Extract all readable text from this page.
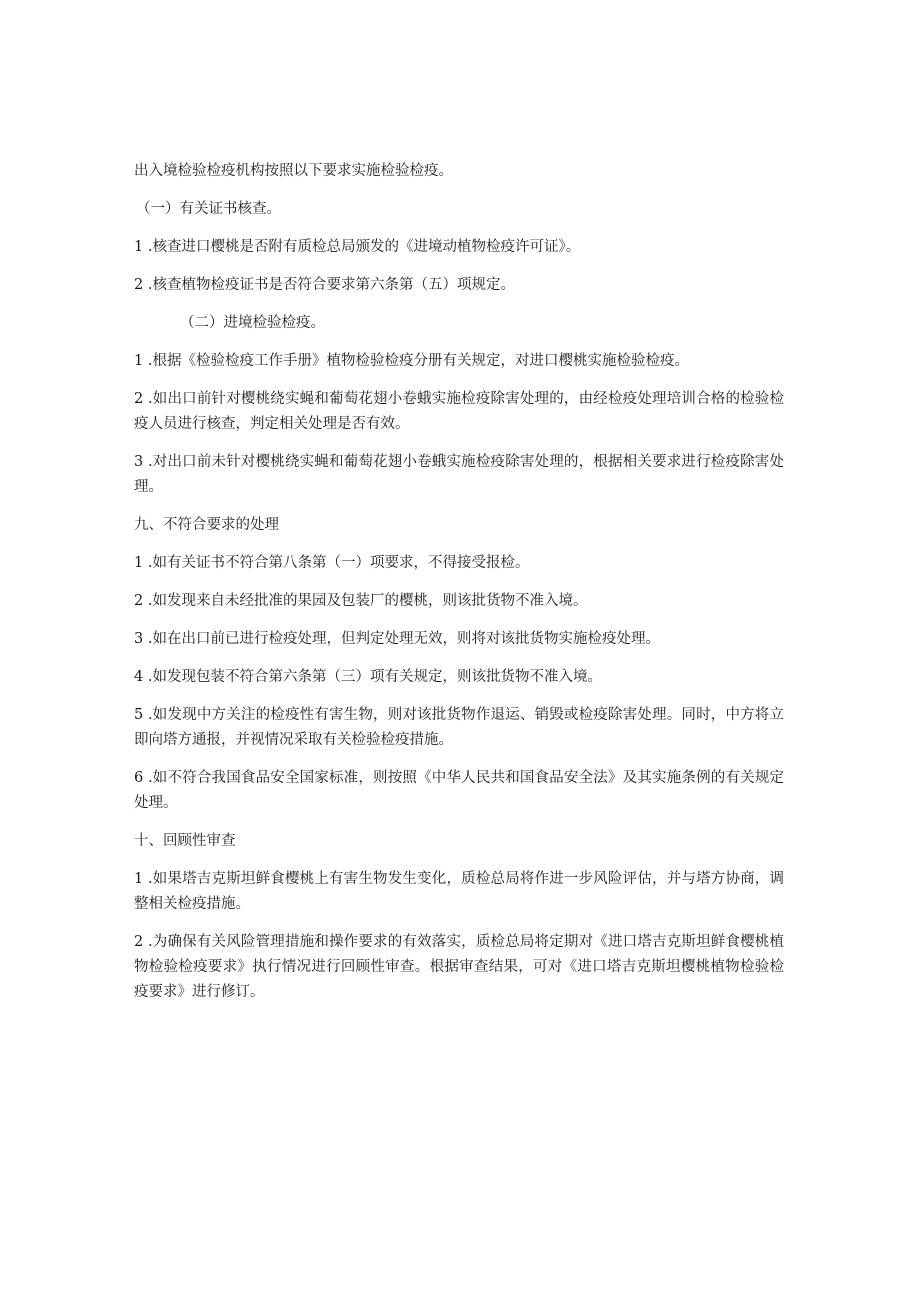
出入境检验检疫机构按照以下要求实施检验检疫。

（一）有关证书核查。

1 .核查进口樱桃是否附有质检总局颁发的《进境动植物检疫许可证》。

2 .核查植物检疫证书是否符合要求第六条第（五）项规定。

（二）进境检验检疫。

1 .根据《检验检疫工作手册》植物检验检疫分册有关规定，对进口樱桃实施检验检疫。

2 .如出口前针对樱桃绕实蝇和葡萄花翅小卷蛾实施检疫除害处理的，由经检疫处理培训合格的检验检疫人员进行核查，判定相关处理是否有效。

3 .对出口前未针对樱桃绕实蝇和葡萄花翅小卷蛾实施检疫除害处理的，根据相关要求进行检疫除害处理。

九、不符合要求的处理

1 .如有关证书不符合第八条第（一）项要求，不得接受报检。

2 .如发现来自未经批准的果园及包装厂的樱桃，则该批货物不准入境。

3 .如在出口前已进行检疫处理，但判定处理无效，则将对该批货物实施检疫处理。

4 .如发现包装不符合第六条第（三）项有关规定，则该批货物不准入境。

5 .如发现中方关注的检疫性有害生物，则对该批货物作退运、销毁或检疫除害处理。同时，中方将立即向塔方通报，并视情况采取有关检验检疫措施。

6 .如不符合我国食品安全国家标准，则按照《中华人民共和国食品安全法》及其实施条例的有关规定处理。

十、回顾性审查

1 .如果塔吉克斯坦鲜食樱桃上有害生物发生变化，质检总局将作进一步风险评估，并与塔方协商，调整相关检疫措施。

2 .为确保有关风险管理措施和操作要求的有效落实，质检总局将定期对《进口塔吉克斯坦鲜食樱桃植物检验检疫要求》执行情况进行回顾性审查。根据审查结果，可对《进口塔吉克斯坦樱桃植物检验检疫要求》进行修订。
